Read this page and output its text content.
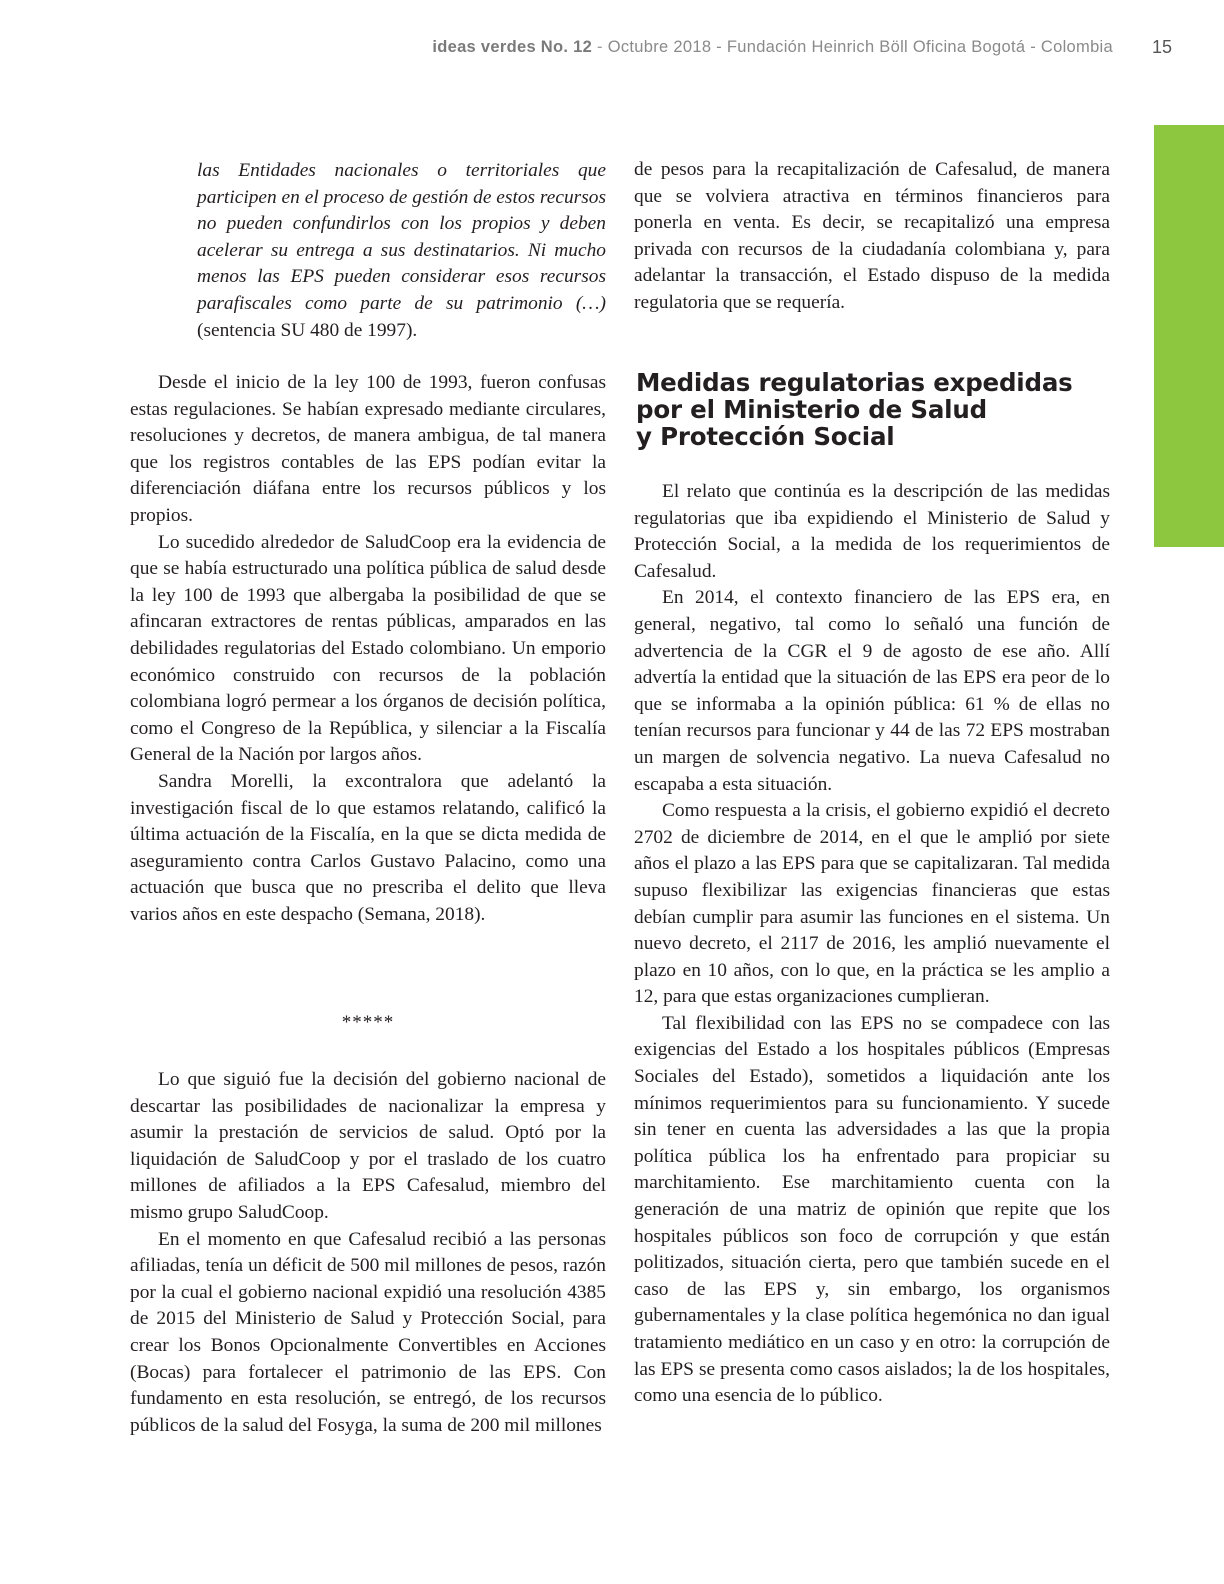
ideas verdes No. 12 - Octubre 2018 - Fundación Heinrich Böll Oficina Bogotá - Colombia 15
las Entidades nacionales o territoriales que participen en el proceso de gestión de estos recursos no pueden confundirlos con los propios y deben acelerar su entrega a sus destinatarios. Ni mucho menos las EPS pueden considerar esos recursos parafiscales como parte de su patrimonio (…) (sentencia SU 480 de 1997).

Desde el inicio de la ley 100 de 1993, fueron confusas estas regulaciones. Se habían expresado mediante circulares, resoluciones y decretos, de manera ambigua, de tal manera que los registros contables de las EPS podían evitar la diferenciación diáfana entre los recursos públicos y los propios.

Lo sucedido alrededor de SaludCoop era la evidencia de que se había estructurado una política pública de salud desde la ley 100 de 1993 que albergaba la posibilidad de que se afincaran extractores de rentas públicas, amparados en las debilidades regulatorias del Estado colombiano. Un emporio económico construido con recursos de la población colombiana logró permear a los órganos de decisión política, como el Congreso de la República, y silenciar a la Fiscalía General de la Nación por largos años.

Sandra Morelli, la excontralora que adelantó la investigación fiscal de lo que estamos relatando, calificó la última actuación de la Fiscalía, en la que se dicta medida de aseguramiento contra Carlos Gustavo Palacino, como una actuación que busca que no prescriba el delito que lleva varios años en este despacho (Semana, 2018).

*****

Lo que siguió fue la decisión del gobierno nacional de descartar las posibilidades de nacionalizar la empresa y asumir la prestación de servicios de salud. Optó por la liquidación de SaludCoop y por el traslado de los cuatro millones de afiliados a la EPS Cafesalud, miembro del mismo grupo SaludCoop.

En el momento en que Cafesalud recibió a las personas afiliadas, tenía un déficit de 500 mil millones de pesos, razón por la cual el gobierno nacional expidió una resolución 4385 de 2015 del Ministerio de Salud y Protección Social, para crear los Bonos Opcionalmente Convertibles en Acciones (Bocas) para fortalecer el patrimonio de las EPS. Con fundamento en esta resolución, se entregó, de los recursos públicos de la salud del Fosyga, la suma de 200 mil millones

de pesos para la recapitalización de Cafesalud, de manera que se volviera atractiva en términos financieros para ponerla en venta. Es decir, se recapitalizó una empresa privada con recursos de la ciudadanía colombiana y, para adelantar la transacción, el Estado dispuso de la medida regulatoria que se requería.

Medidas regulatorias expedidas
por el Ministerio de Salud
y Protección Social

El relato que continúa es la descripción de las medidas regulatorias que iba expidiendo el Ministerio de Salud y Protección Social, a la medida de los requerimientos de Cafesalud.

En 2014, el contexto financiero de las EPS era, en general, negativo, tal como lo señaló una función de advertencia de la CGR el 9 de agosto de ese año. Allí advertía la entidad que la situación de las EPS era peor de lo que se informaba a la opinión pública: 61 % de ellas no tenían recursos para funcionar y 44 de las 72 EPS mostraban un margen de solvencia negativo. La nueva Cafesalud no escapaba a esta situación.

Como respuesta a la crisis, el gobierno expidió el decreto 2702 de diciembre de 2014, en el que le amplió por siete años el plazo a las EPS para que se capitalizaran. Tal medida supuso flexibilizar las exigencias financieras que estas debían cumplir para asumir las funciones en el sistema. Un nuevo decreto, el 2117 de 2016, les amplió nuevamente el plazo en 10 años, con lo que, en la práctica se les amplio a 12, para que estas organizaciones cumplieran.

Tal flexibilidad con las EPS no se compadece con las exigencias del Estado a los hospitales públicos (Empresas Sociales del Estado), sometidos a liquidación ante los mínimos requerimientos para su funcionamiento. Y sucede sin tener en cuenta las adversidades a las que la propia política pública los ha enfrentado para propiciar su marchitamiento. Ese marchitamiento cuenta con la generación de una matriz de opinión que repite que los hospitales públicos son foco de corrupción y que están politizados, situación cierta, pero que también sucede en el caso de las EPS y, sin embargo, los organismos gubernamentales y la clase política hegemónica no dan igual tratamiento mediático en un caso y en otro: la corrupción de las EPS se presenta como casos aislados; la de los hospitales, como una esencia de lo público.
